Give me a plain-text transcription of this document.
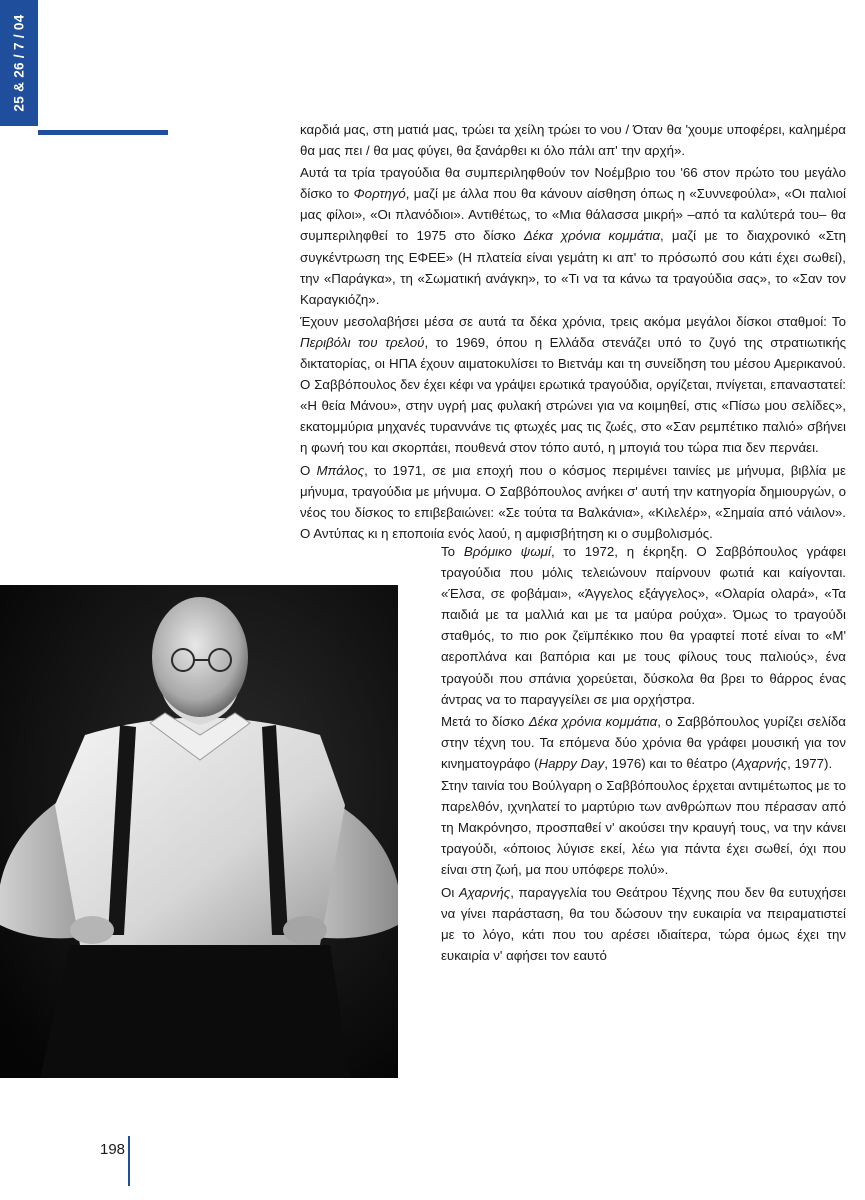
25 & 26 / 7 / 04

καρδιά μας, στη ματιά μας, τρώει τα χείλη τρώει το νου / Όταν θα 'χουμε υποφέρει, καλημέρα θα μας πει / θα μας φύγει, θα ξανάρθει κι όλο πάλι απ' την αρχή».

Αυτά τα τρία τραγούδια θα συμπεριληφθούν τον Νοέμβριο του '66 στον πρώτο του μεγάλο δίσκο το Φορτηγό, μαζί με άλλα που θα κάνουν αίσθηση όπως η «Συννεφούλα», «Οι παλιοί μας φίλοι», «Οι πλανόδιοι». Αντιθέτως, το «Μια θάλασσα μικρή» –από τα καλύτερά του– θα συμπεριληφθεί το 1975 στο δίσκο Δέκα χρόνια κομμάτια, μαζί με το διαχρονικό «Στη συγκέντρωση της ΕΦΕΕ» (Η πλατεία είναι γεμάτη κι απ' το πρόσωπό σου κάτι έχει σωθεί), την «Παράγκα», τη «Σωματική ανάγκη», το «Τι να τα κάνω τα τραγούδια σας», το «Σαν τον Καραγκιόζη».

Έχουν μεσολαβήσει μέσα σε αυτά τα δέκα χρόνια, τρεις ακόμα μεγάλοι δίσκοι σταθμοί: Το Περιβόλι του τρελού, το 1969, όπου η Ελλάδα στενάζει υπό το ζυγό της στρατιωτικής δικτατορίας, οι ΗΠΑ έχουν αιματοκυλίσει το Βιετνάμ και τη συνείδηση του μέσου Αμερικανού. Ο Σαββόπουλος δεν έχει κέφι να γράψει ερωτικά τραγούδια, οργίζεται, πνίγεται, επαναστατεί: «Η θεία Μάνου», στην υγρή μας φυλακή στρώνει για να κοιμηθεί, στις «Πίσω μου σελίδες», εκατομμύρια μηχανές τυραννάνε τις φτωχές μας τις ζωές, στο «Σαν ρεμπέτικο παλιό» σβήνει η φωνή του και σκορπάει, πουθενά στον τόπο αυτό, η μπογιά του τώρα πια δεν περνάει.

Ο Μπάλος, το 1971, σε μια εποχή που ο κόσμος περιμένει ταινίες με μήνυμα, βιβλία με μήνυμα, τραγούδια με μήνυμα. Ο Σαββόπουλος ανήκει σ' αυτή την κατηγορία δημιουργών, ο νέος του δίσκος το επιβεβαιώνει: «Σε τούτα τα Βαλκάνια», «Κιλελέρ», «Σημαία από νάιλον». Ο Αντύπας κι η εποποιία ενός λαού, η αμφισβήτηση κι ο συμβολισμός.

Το Βρόμικο ψωμί, το 1972, η έκρηξη. Ο Σαββόπουλος γράφει τραγούδια που μόλις τελειώνουν παίρνουν φωτιά και καίγονται. «Έλσα, σε φοβάμαι», «Άγγελος εξάγγελος», «Ολαρία ολαρά», «Τα παιδιά με τα μαλλιά και με τα μαύρα ρούχα». Όμως το τραγούδι σταθμός, το πιο ροκ ζεϊμπέκικο που θα γραφτεί ποτέ είναι το «Μ' αεροπλάνα και βαπόρια και με τους φίλους τους παλιούς», ένα τραγούδι που σπάνια χορεύεται, δύσκολα θα βρει το θάρρος ένας άντρας να το παραγγείλει σε μια ορχήστρα.

Μετά το δίσκο Δέκα χρόνια κομμάτια, ο Σαββόπουλος γυρίζει σελίδα στην τέχνη του. Τα επόμενα δύο χρόνια θα γράφει μουσική για τον κινηματογράφο (Happy Day, 1976) και το θέατρο (Αχαρνής, 1977).

Στην ταινία του Βούλγαρη ο Σαββόπουλος έρχεται αντιμέτωπος με το παρελθόν, ιχνηλατεί το μαρτύριο των ανθρώπων που πέρασαν από τη Μακρόνησο, προσπαθεί ν' ακούσει την κραυγή τους, να την κάνει τραγούδι, «όποιος λύγισε εκεί, λέω για πάντα έχει σωθεί, όχι που είναι στη ζωή, μα που υπόφερε πολύ».

Οι Αχαρνής, παραγγελία του Θεάτρου Τέχνης που δεν θα ευτυχήσει να γίνει παράσταση, θα του δώσουν την ευκαιρία να πειραματιστεί με το λόγο, κάτι που του αρέσει ιδιαίτερα, τώρα όμως έχει την ευκαιρία ν' αφήσει τον εαυτό

198
